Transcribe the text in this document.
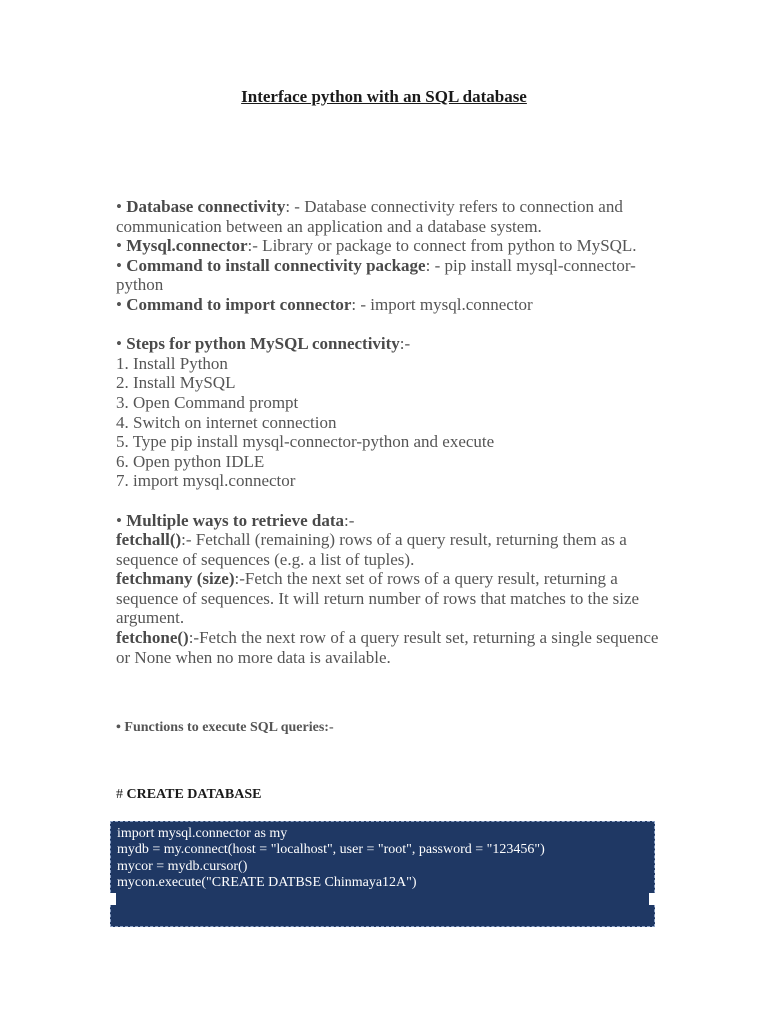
Interface python with an SQL database

• Database connectivity: - Database connectivity refers to connection and communication between an application and a database system.

• Mysql.connector:- Library or package to connect from python to MySQL.

• Command to install connectivity package: - pip install mysql-connector-python

• Command to import connector: - import mysql.connector

• Steps for python MySQL connectivity:-

1. Install Python

2. Install MySQL

3. Open Command prompt

4. Switch on internet connection

5. Type pip install mysql-connector-python and execute

6. Open python IDLE

7. import mysql.connector

• Multiple ways to retrieve data:-

fetchall():- Fetchall (remaining) rows of a query result, returning them as a sequence of sequences (e.g. a list of tuples).

fetchmany (size):-Fetch the next set of rows of a query result, returning a sequence of sequences. It will return number of rows that matches to the size argument.

fetchone():-Fetch the next row of a query result set, returning a single sequence or None when no more data is available.

• Functions to execute SQL queries:-
# CREATE DATABASE
import mysql.connector as my
mydb = my.connect(host = "localhost", user = "root", password = "123456")
mycor = mydb.cursor()
mycon.execute("CREATE DATBSE Chinmaya12A")
